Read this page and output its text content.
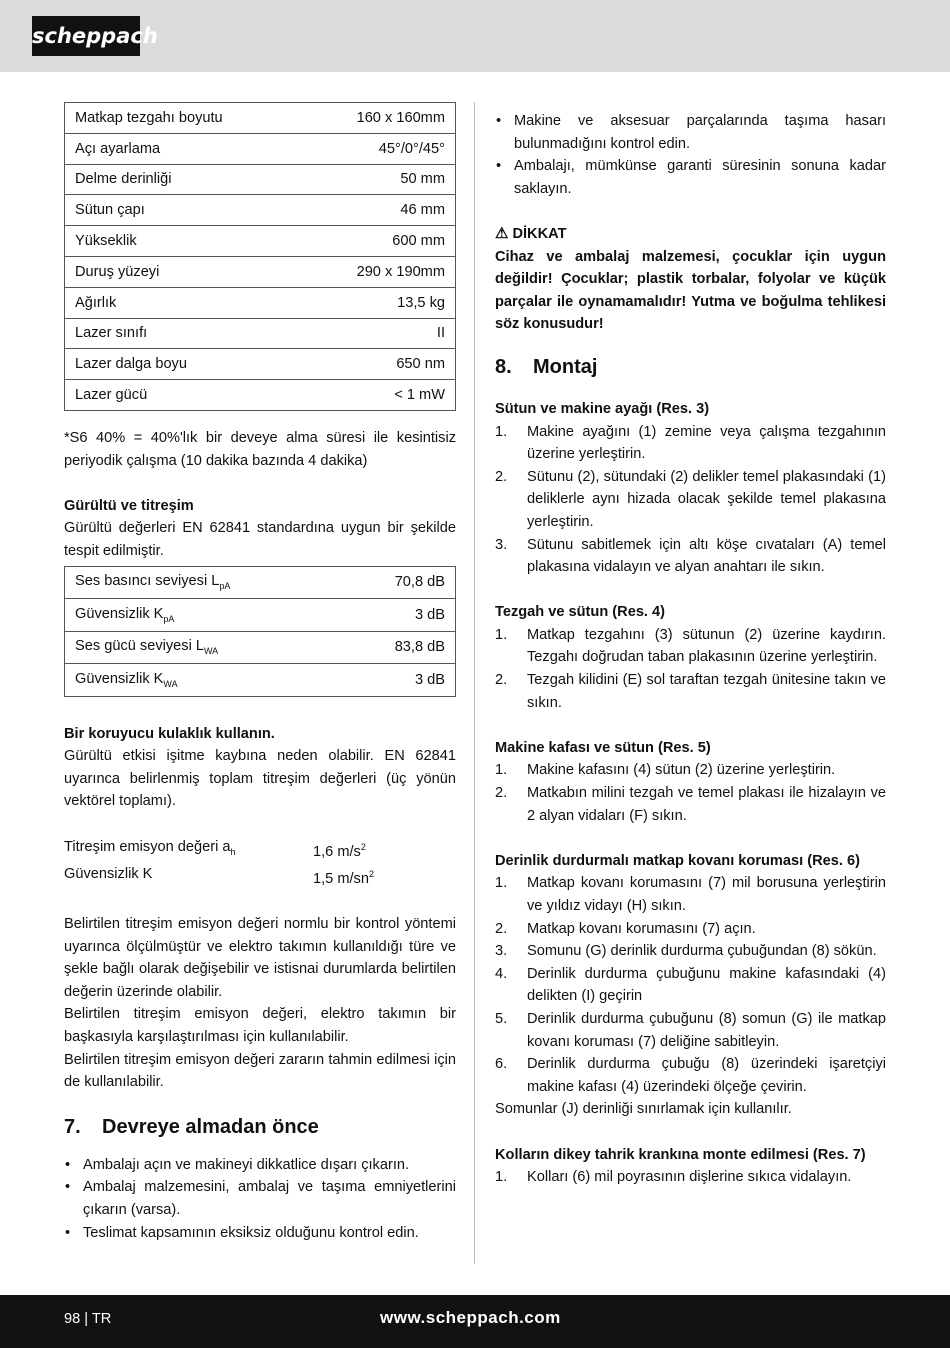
scheppach
Matkap tezgahı boyutu	160 x 160mm
Açı ayarlama	45°/0°/45°
Delme derinliği	50 mm
Sütun çapı	46 mm
Yükseklik	600 mm
Duruş yüzeyi	290 x 190mm
Ağırlık	13,5 kg
Lazer sınıfı	II
Lazer dalga boyu	650 nm
Lazer gücü	< 1 mW

*S6 40% = 40%'lık bir deveye alma süresi ile kesintisiz periyodik çalışma (10 dakika bazında 4 dakika)

Gürültü ve titreşim

Gürültü değerleri EN 62841 standardına uygun bir şekilde tespit edilmiştir.

Ses basıncı seviyesi $L_{pA}$	70,8 dB
Güvensizlik $K_{pA}$	3 dB
Ses gücü seviyesi $L_{WA}$	83,8 dB
Güvensizlik $K_{WA}$	3 dB

Bir koruyucu kulaklık kullanın.

Gürültü etkisi işitme kaybına neden olabilir. EN 62841 uyarınca belirlenmiş toplam titreşim değerleri (üç yönün vektörel toplamı).

Titreşim emisyon değeri $a_h$	1,6 $m/s^2$
Güvensizlik K	1,5 $m/sn^2$

Belirtilen titreşim emisyon değeri normlu bir kontrol yöntemi uyarınca ölçülmüştür ve elektro takımın kullanıldığı türe ve şekle bağlı olarak değişebilir ve istisnai durumlarda belirtilen değerin üzerinde olabilir.

Belirtilen titreşim emisyon değeri, elektro takımın bir başkasıyla karşılaştırılması için kullanılabilir.

Belirtilen titreşim emisyon değeri zararın tahmin edilmesi için de kullanılabilir.

7. Devreye almadan önce
• Ambalajı açın ve makineyi dikkatlice dışarı çıkarın.
• Ambalaj malzemesini, ambalaj ve taşıma emniyetlerini çıkarın (varsa).
• Teslimat kapsamının eksiksiz olduğunu kontrol edin.
• Makine ve aksesuar parçalarında taşıma hasarı bulunmadığını kontrol edin.
• Ambalajı, mümkünse garanti süresinin sonuna kadar saklayın.

⚠ DİKKAT

Cihaz ve ambalaj malzemesi, çocuklar için uygun değildir! Çocuklar; plastik torbalar, folyolar ve küçük parçalar ile oynamamalıdır! Yutma ve boğulma tehlikesi söz konusudur!

8. Montaj

Sütun ve makine ayağı (Res. 3)

1. Makine ayağını (1) zemine veya çalışma tezgahının üzerine yerleştirin.
2. Sütunu (2), sütundaki (2) delikler temel plakasındaki (1) deliklerle aynı hizada olacak şekilde temel plakasına yerleştirin.
3. Sütunu sabitlemek için altı köşe cıvataları (A) temel plakasına vidalayın ve alyan anahtarı ile sıkın.

Tezgah ve sütun (Res. 4)

1. Matkap tezgahını (3) sütunun (2) üzerine kaydırın. Tezgahı doğrudan taban plakasının üzerine yerleştirin.
2. Tezgah kilidini (E) sol taraftan tezgah ünitesine takın ve sıkın.

Makine kafası ve sütun (Res. 5)

1. Makine kafasını (4) sütun (2) üzerine yerleştirin.
2. Matkabın milini tezgah ve temel plakası ile hizalayın ve 2 alyan vidaları (F) sıkın.

Derinlik durdurmalı matkap kovanı koruması (Res. 6)

1. Matkap kovanı korumasını (7) mil borusuna yerleştirin ve yıldız vidayı (H) sıkın.
2. Matkap kovanı korumasını (7) açın.
3. Somunu (G) derinlik durdurma çubuğundan (8) sökün.
4. Derinlik durdurma çubuğunu makine kafasındaki (4) delikten (I) geçirin
5. Derinlik durdurma çubuğunu (8) somun (G) ile matkap kovanı koruması (7) deliğine sabitleyin.
6. Derinlik durdurma çubuğu (8) üzerindeki işaretçiyi makine kafası (4) üzerindeki ölçeğe çevirin.

Somunlar (J) derinliği sınırlamak için kullanılır.

Kolların dikey tahrik krankına monte edilmesi (Res. 7)

1. Kolları (6) mil poyrasının dişlerine sıkıca vidalayın.
98 | TR	www.scheppach.com
